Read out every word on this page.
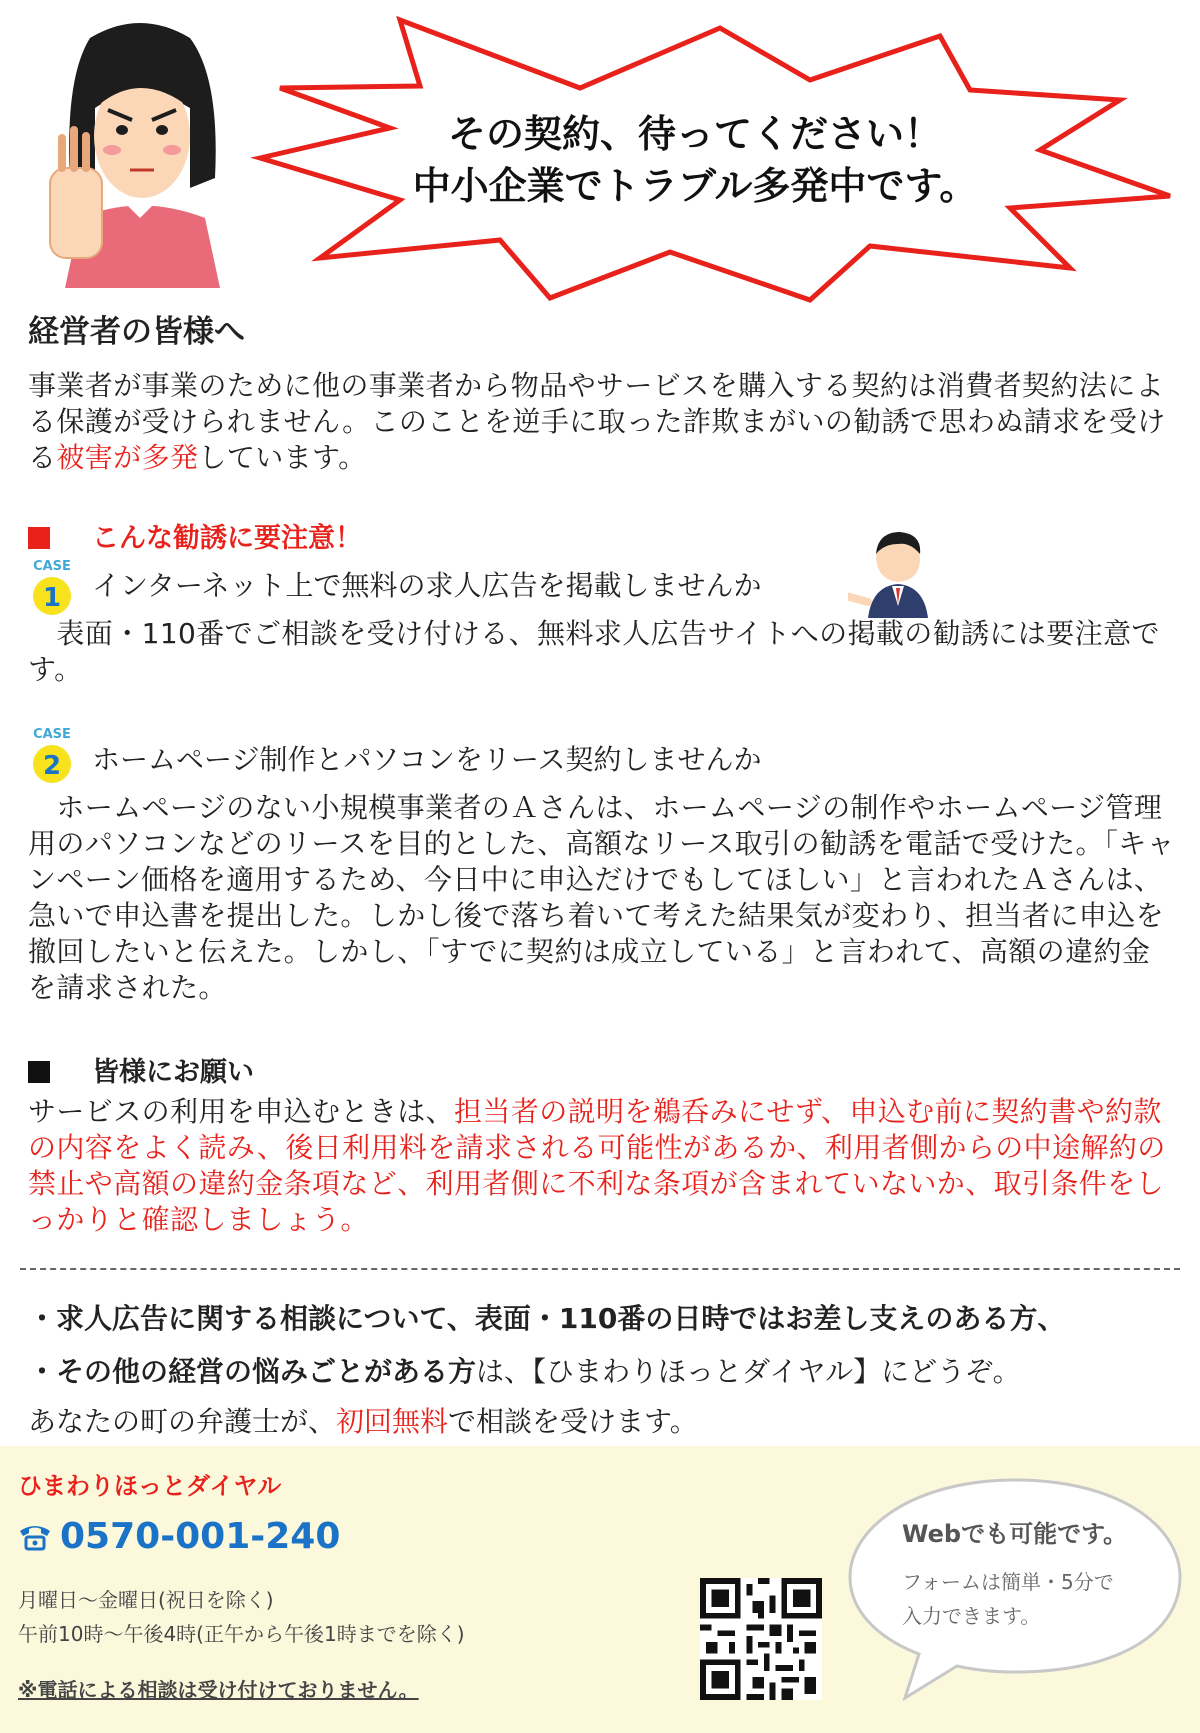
その契約、待ってください！
中小企業でトラブル多発中です。
経営者の皆様へ
事業者が事業のために他の事業者から物品やサービスを購入する契約は消費者契約法による保護が受けられません。このことを逆手に取った詐欺まがいの勧誘で思わぬ請求を受ける被害が多発しています。
こんな勧誘に要注意！
CASE
1 インターネット上で無料の求人広告を掲載しませんか
 表面・110番でご相談を受け付ける、無料求人広告サイトへの掲載の勧誘には要注意です。
CASE
2 ホームページ制作とパソコンをリース契約しませんか
 ホームページのない小規模事業者のＡさんは、ホームページの制作やホームページ管理用のパソコンなどのリースを目的とした、高額なリース取引の勧誘を電話で受けた。「キャンペーン価格を適用するため、今日中に申込だけでもしてほしい」と言われたＡさんは、急いで申込書を提出した。しかし後で落ち着いて考えた結果気が変わり、担当者に申込を撤回したいと伝えた。しかし、「すでに契約は成立している」と言われて、高額の違約金を請求された。
皆様にお願い
サービスの利用を申込むときは、担当者の説明を鵜呑みにせず、申込む前に契約書や約款の内容をよく読み、後日利用料を請求される可能性があるか、利用者側からの中途解約の禁止や高額の違約金条項など、利用者側に不利な条項が含まれていないか、取引条件をしっかりと確認しましょう。
・求人広告に関する相談について、表面・110番の日時ではお差し支えのある方、
・その他の経営の悩みごとがある方は、【ひまわりほっとダイヤル】にどうぞ。
あなたの町の弁護士が、初回無料で相談を受けます。
ひまわりほっとダイヤル
0570-001-240
月曜日～金曜日(祝日を除く)
午前10時～午後4時(正午から午後1時までを除く)
※電話による相談は受け付けておりません。
Webでも可能です。
フォームは簡単・5分で
入力できます。
